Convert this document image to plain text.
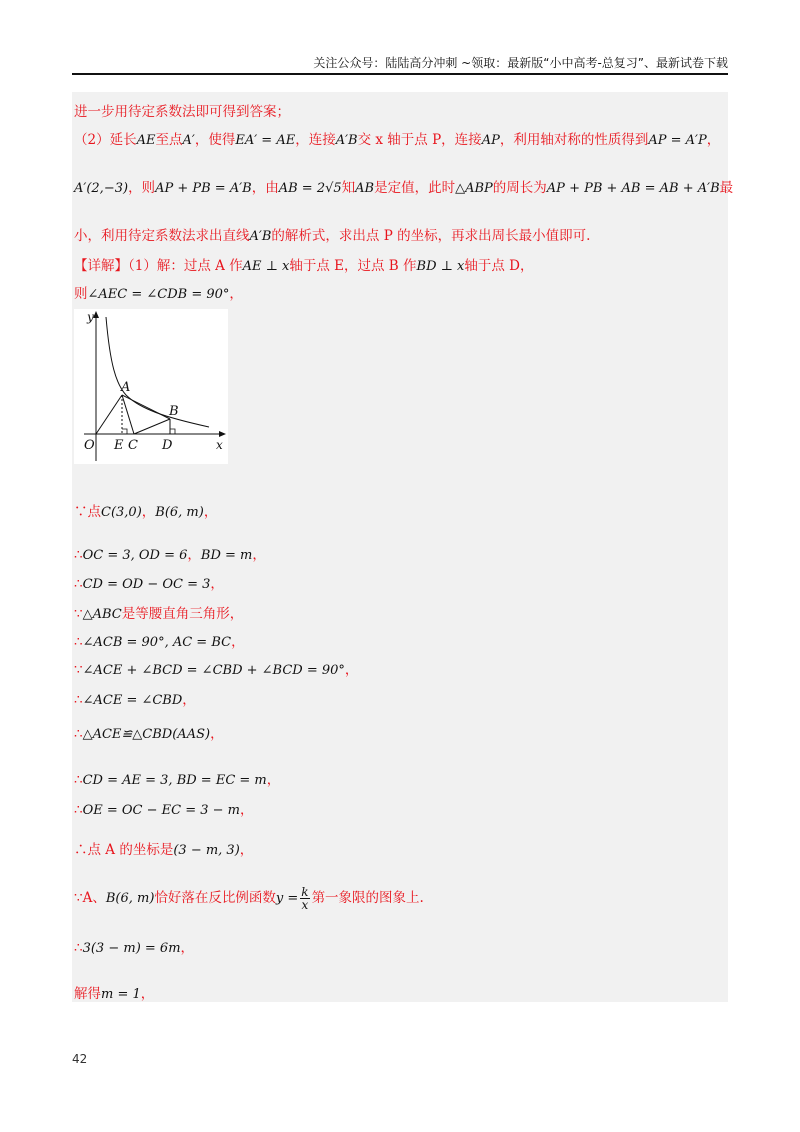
关注公众号：陆陆高分冲刺 ~领取：最新版“小中高考-总复习”、最新试卷下载
进一步用待定系数法即可得到答案；
（2）延长AE至点A′，使得EA′ = AE，连接A′B交 x 轴于点 P，连接AP，利用轴对称的性质得到AP = A′P，
A′(2,−3)，则AP + PB = A′B，由AB = 2√5知AB是定值，此时△ABP的周长为AP + PB + AB = AB + A′B最
小，利用待定系数法求出直线A′B的解析式，求出点 P 的坐标，再求出周长最小值即可.
【详解】（1）解：过点 A 作AE ⊥ x轴于点 E，过点 B 作BD ⊥ x轴于点 D，
则∠AEC = ∠CDB = 90°，
y
x
O
A
B
E C D
∵点C(3,0)，B(6, m)，
∴OC = 3, OD = 6，BD = m，
∴CD = OD − OC = 3，
∵△ABC是等腰直角三角形，
∴∠ACB = 90°, AC = BC，
∵∠ACE + ∠BCD = ∠CBD + ∠BCD = 90°，
∴∠ACE = ∠CBD，
∴△ACE≌△CBD(AAS)，
∴CD = AE = 3, BD = EC = m，
∴OE = OC − EC = 3 − m，
∴点 A 的坐标是(3 − m, 3)，
∵A、B(6, m)恰好落在反比例函数$y = \frac{k}{x}$ 第一象限的图象上.
∴3(3 − m) = 6m，
解得m = 1，
42
